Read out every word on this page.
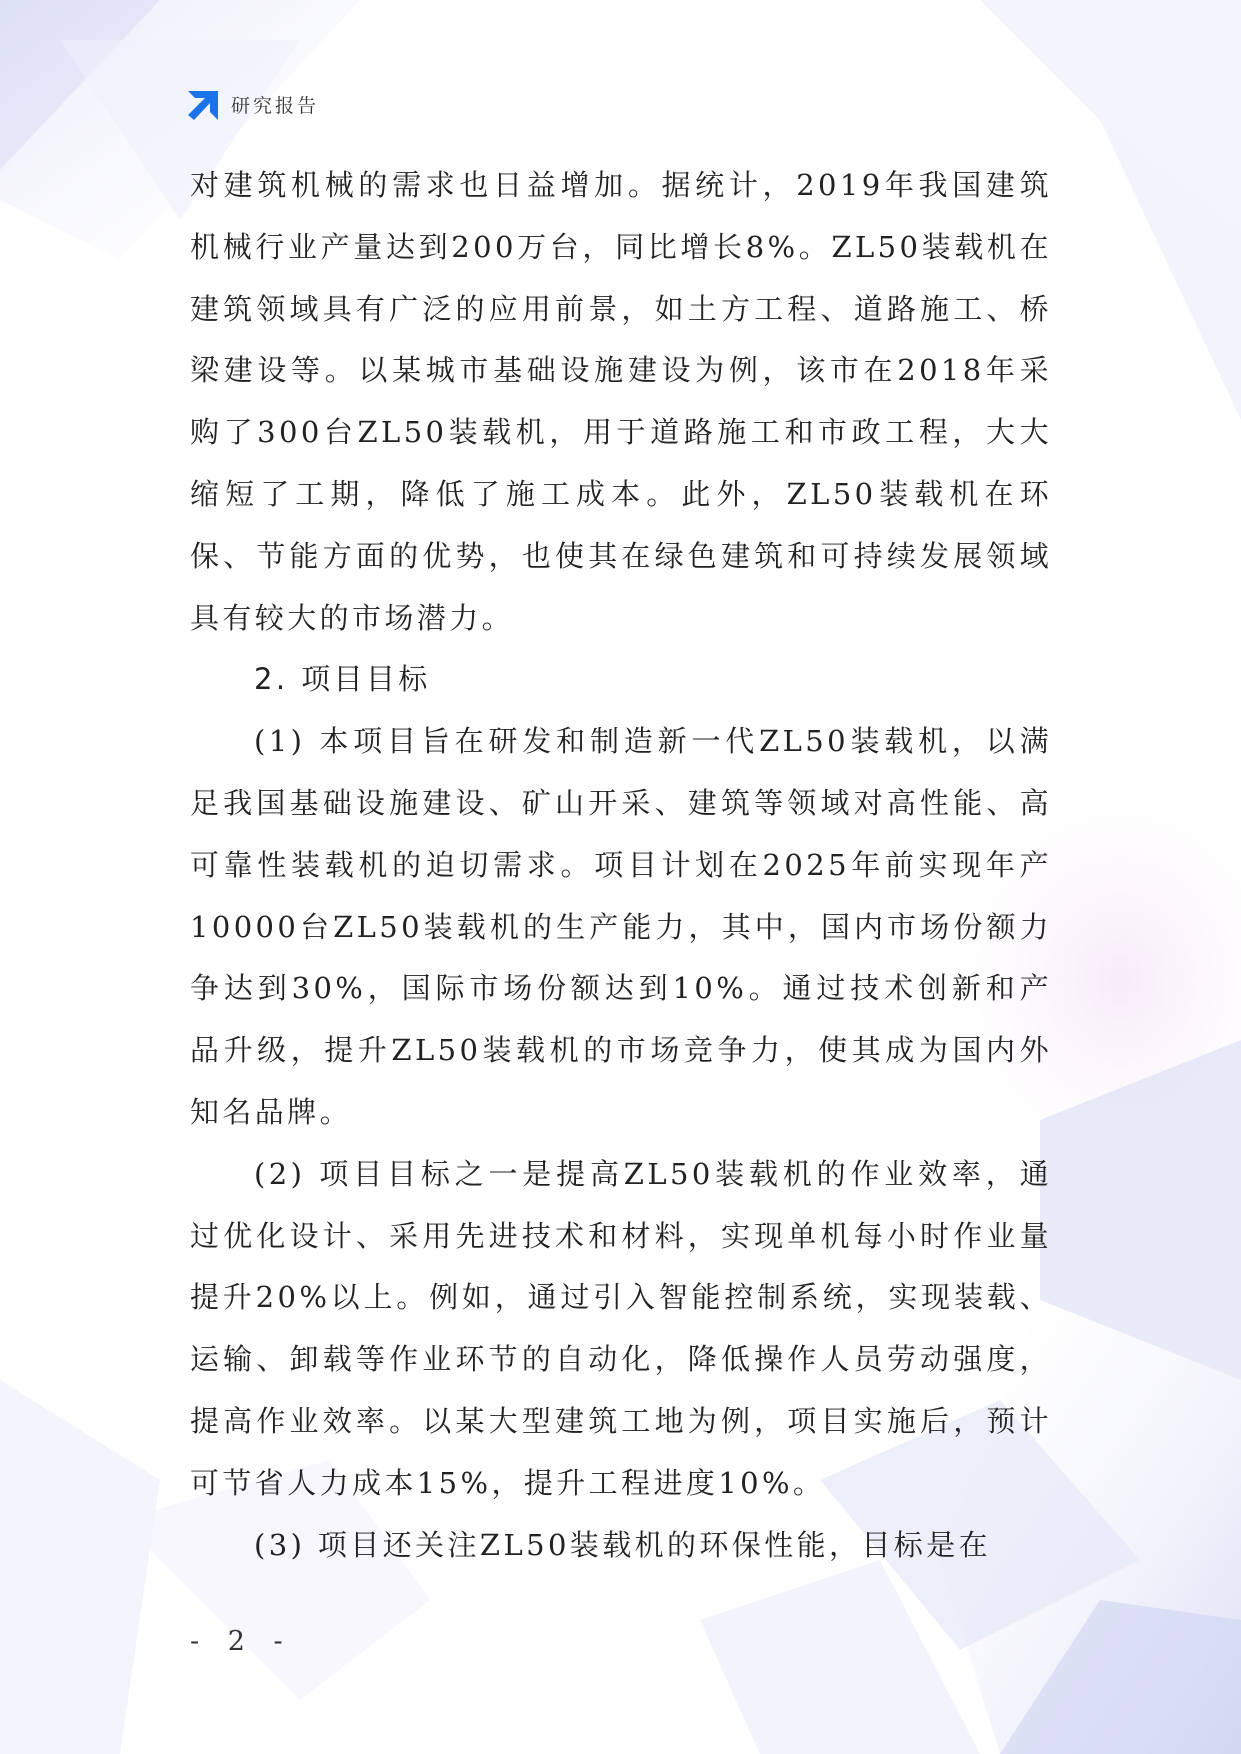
研究报告

对建筑机械的需求也日益增加。据统计，2019年我国建筑机械行业产量达到200万台，同比增长8%。ZL50装载机在建筑领域具有广泛的应用前景，如土方工程、道路施工、桥梁建设等。以某城市基础设施建设为例，该市在2018年采购了300台ZL50装载机，用于道路施工和市政工程，大大缩短了工期，降低了施工成本。此外，ZL50装载机在环保、节能方面的优势，也使其在绿色建筑和可持续发展领域具有较大的市场潜力。

2. 项目目标

(1) 本项目旨在研发和制造新一代ZL50装载机，以满足我国基础设施建设、矿山开采、建筑等领域对高性能、高可靠性装载机的迫切需求。项目计划在2025年前实现年产10000台ZL50装载机的生产能力，其中，国内市场份额力争达到30%，国际市场份额达到10%。通过技术创新和产品升级，提升ZL50装载机的市场竞争力，使其成为国内外知名品牌。

(2) 项目目标之一是提高ZL50装载机的作业效率，通过优化设计、采用先进技术和材料，实现单机每小时作业量提升20%以上。例如，通过引入智能控制系统，实现装载、运输、卸载等作业环节的自动化，降低操作人员劳动强度，提高作业效率。以某大型建筑工地为例，项目实施后，预计可节省人力成本15%，提升工程进度10%。

(3) 项目还关注ZL50装载机的环保性能，目标是在

- 2 -
